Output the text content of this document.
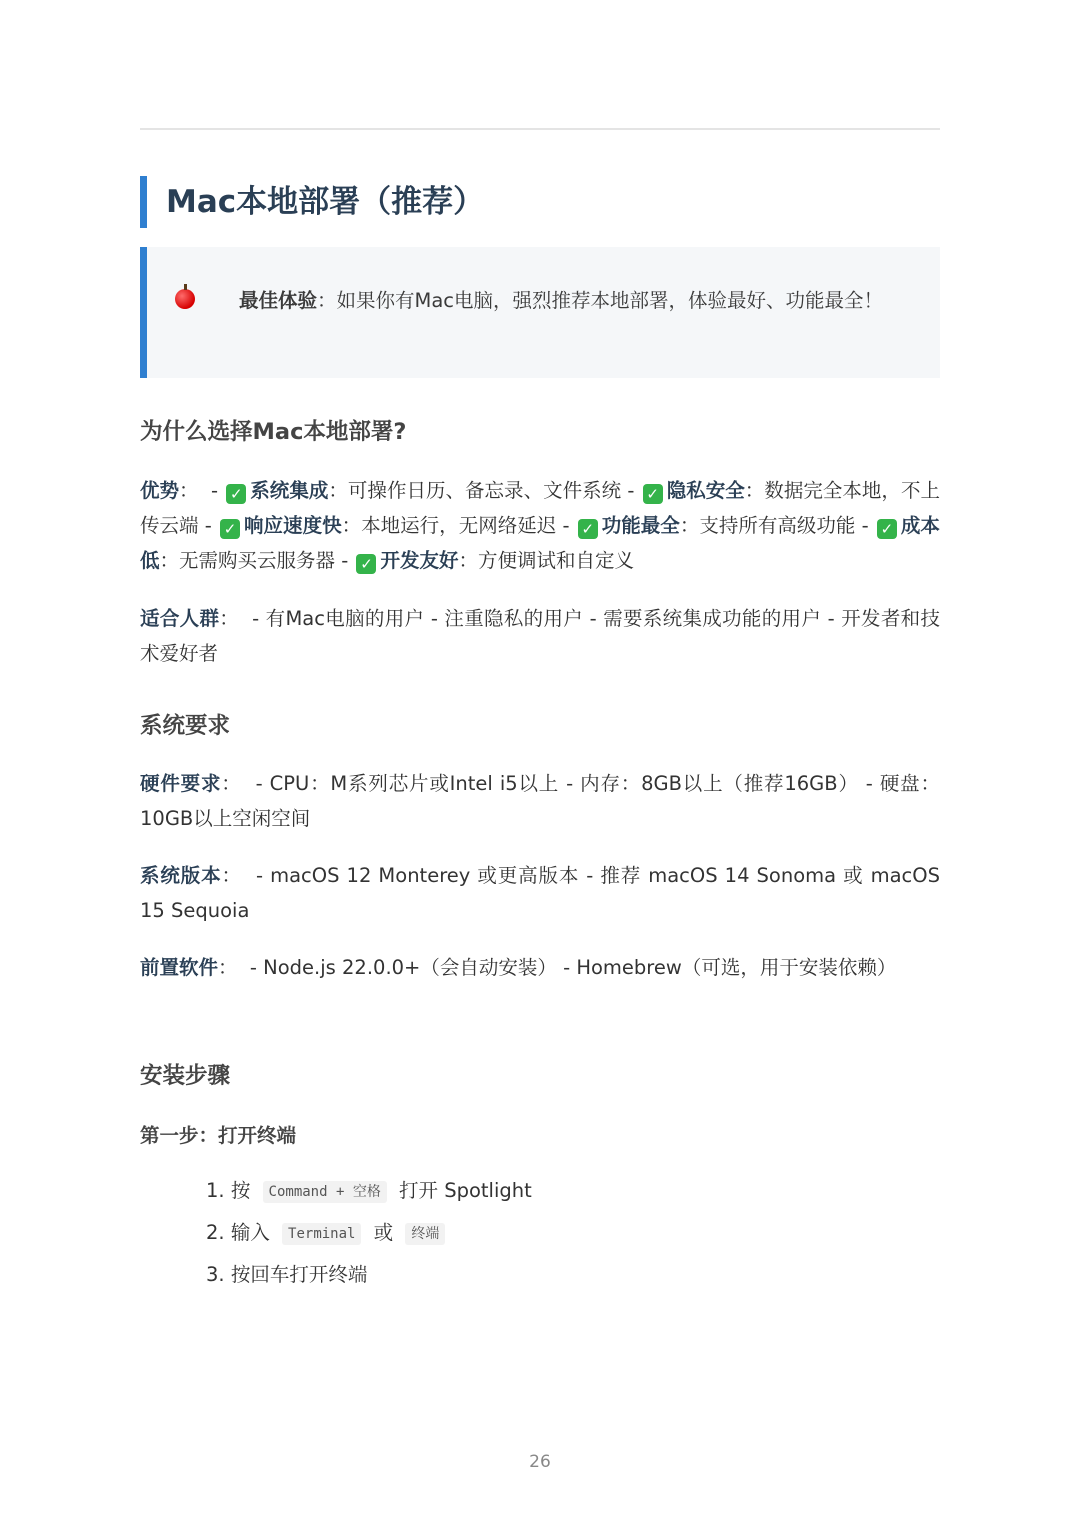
Mac本地部署（推荐）
最佳体验：如果你有Mac电脑，强烈推荐本地部署，体验最好、功能最全！
为什么选择Mac本地部署?
优势：  - ✓ 系统集成：可操作日历、备忘录、文件系统 - ✓ 隐私安全：数据完全本地，不上传云端 - ✓ 响应速度快：本地运行，无网络延迟 - ✓ 功能最全：支持所有高级功能 - ✓ 成本低：无需购买云服务器 - ✓ 开发友好：方便调试和自定义
适合人群：  - 有Mac电脑的用户 - 注重隐私的用户 - 需要系统集成功能的用户 - 开发者和技术爱好者
系统要求
硬件要求：  - CPU：M系列芯片或Intel i5以上 - 内存：8GB以上（推荐16GB） - 硬盘：10GB以上空闲空间
系统版本：  - macOS 12 Monterey 或更高版本 - 推荐 macOS 14 Sonoma 或 macOS 15 Sequoia
前置软件：  - Node.js 22.0.0+（会自动安装） - Homebrew（可选，用于安装依赖）
安装步骤
第一步：打开终端
1. 按 Command + 空格 打开 Spotlight
2. 输入 Terminal 或 终端
3. 按回车打开终端
26
